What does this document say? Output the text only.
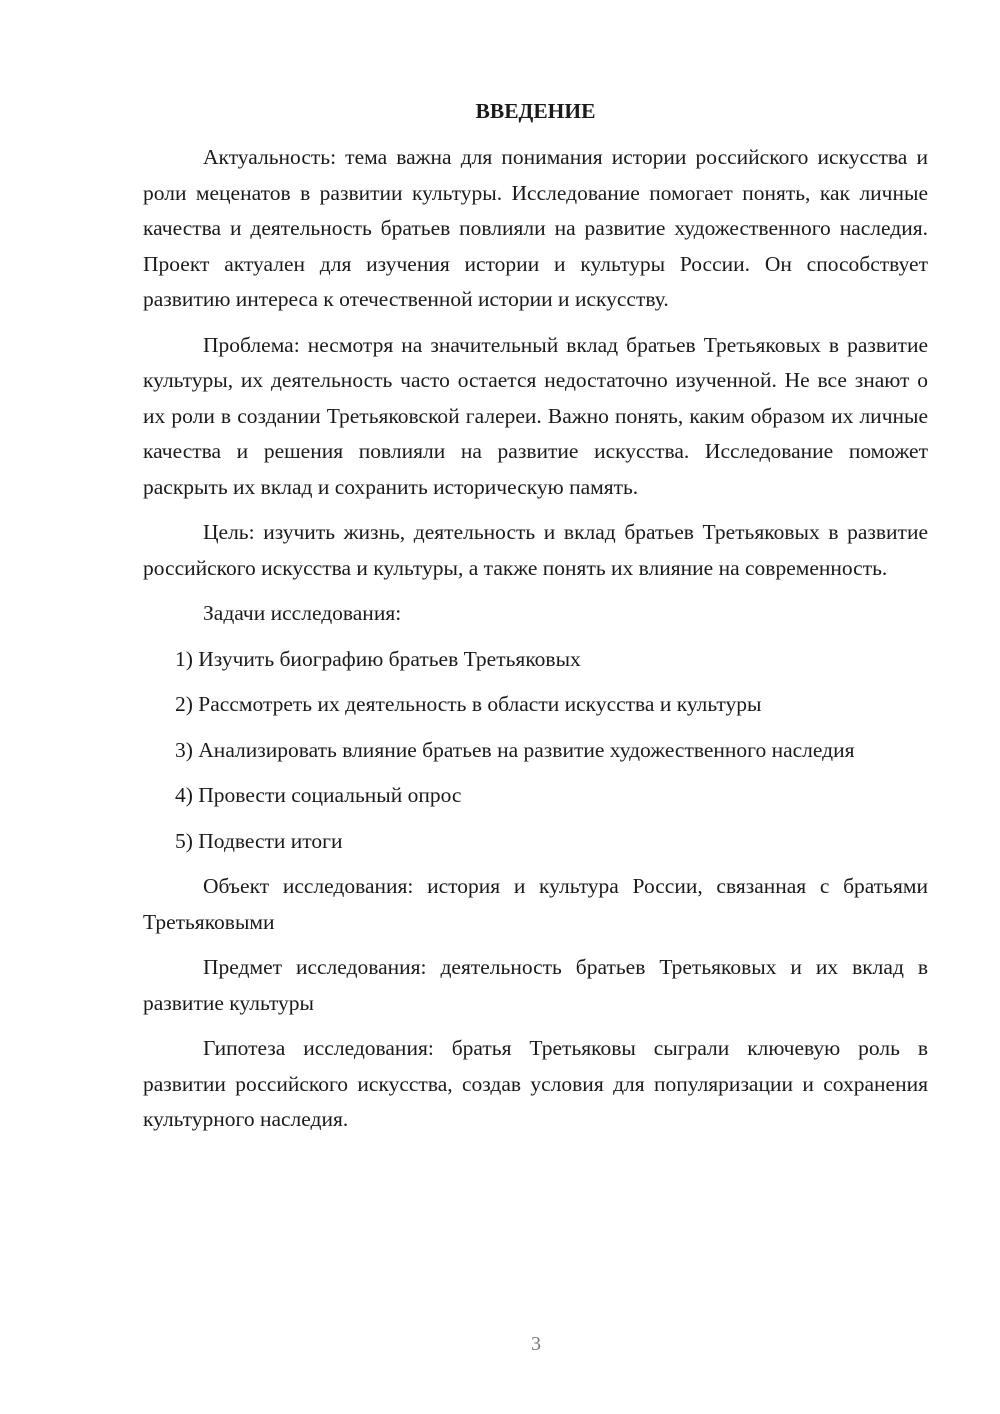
ВВЕДЕНИЕ

Актуальность: тема важна для понимания истории российского искусства и роли меценатов в развитии культуры. Исследование помогает понять, как личные качества и деятельность братьев повлияли на развитие художественного наследия. Проект актуален для изучения истории и культуры России. Он способствует развитию интереса к отечественной истории и искусству.

Проблема: несмотря на значительный вклад братьев Третьяковых в развитие культуры, их деятельность часто остается недостаточно изученной. Не все знают о их роли в создании Третьяковской галереи. Важно понять, каким образом их личные качества и решения повлияли на развитие искусства. Исследование поможет раскрыть их вклад и сохранить историческую память.

Цель: изучить жизнь, деятельность и вклад братьев Третьяковых в развитие российского искусства и культуры, а также понять их влияние на современность.

Задачи исследования:

1) Изучить биографию братьев Третьяковых

2) Рассмотреть их деятельность в области искусства и культуры

3) Анализировать влияние братьев на развитие художественного наследия

4) Провести социальный опрос

5) Подвести итоги

Объект исследования: история и культура России, связанная с братьями Третьяковыми

Предмет исследования: деятельность братьев Третьяковых и их вклад в развитие культуры

Гипотеза исследования: братья Третьяковы сыграли ключевую роль в развитии российского искусства, создав условия для популяризации и сохранения культурного наследия.

3
